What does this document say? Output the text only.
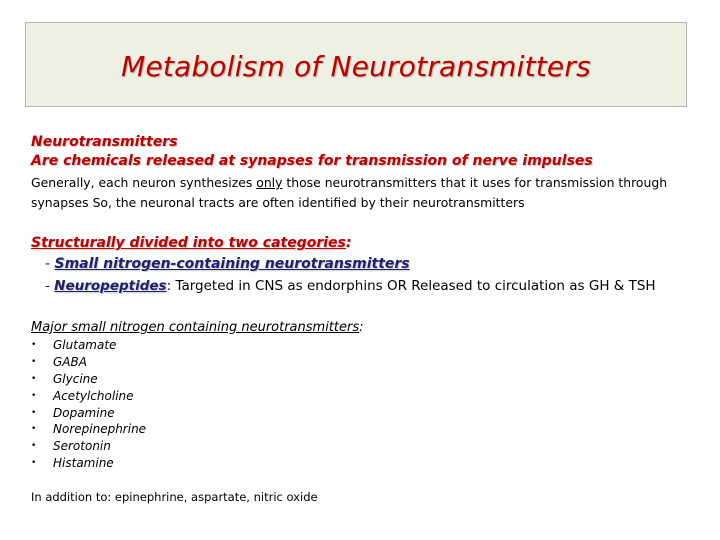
Metabolism of Neurotransmitters
Neurotransmitters
Are chemicals released at synapses for transmission of nerve impulses
Generally, each neuron synthesizes only those neurotransmitters that it uses for transmission through synapses So, the neuronal tracts are often identified by their neurotransmitters
Structurally divided into two categories:
- Small nitrogen-containing neurotransmitters
- Neuropeptides: Targeted in CNS as endorphins OR Released to circulation as GH & TSH
Major small nitrogen containing neurotransmitters:
•	Glutamate
•	GABA
•	Glycine
•	Acetylcholine
•	Dopamine
•	Norepinephrine
•	Serotonin
•	Histamine
In addition to: epinephrine, aspartate, nitric oxide
